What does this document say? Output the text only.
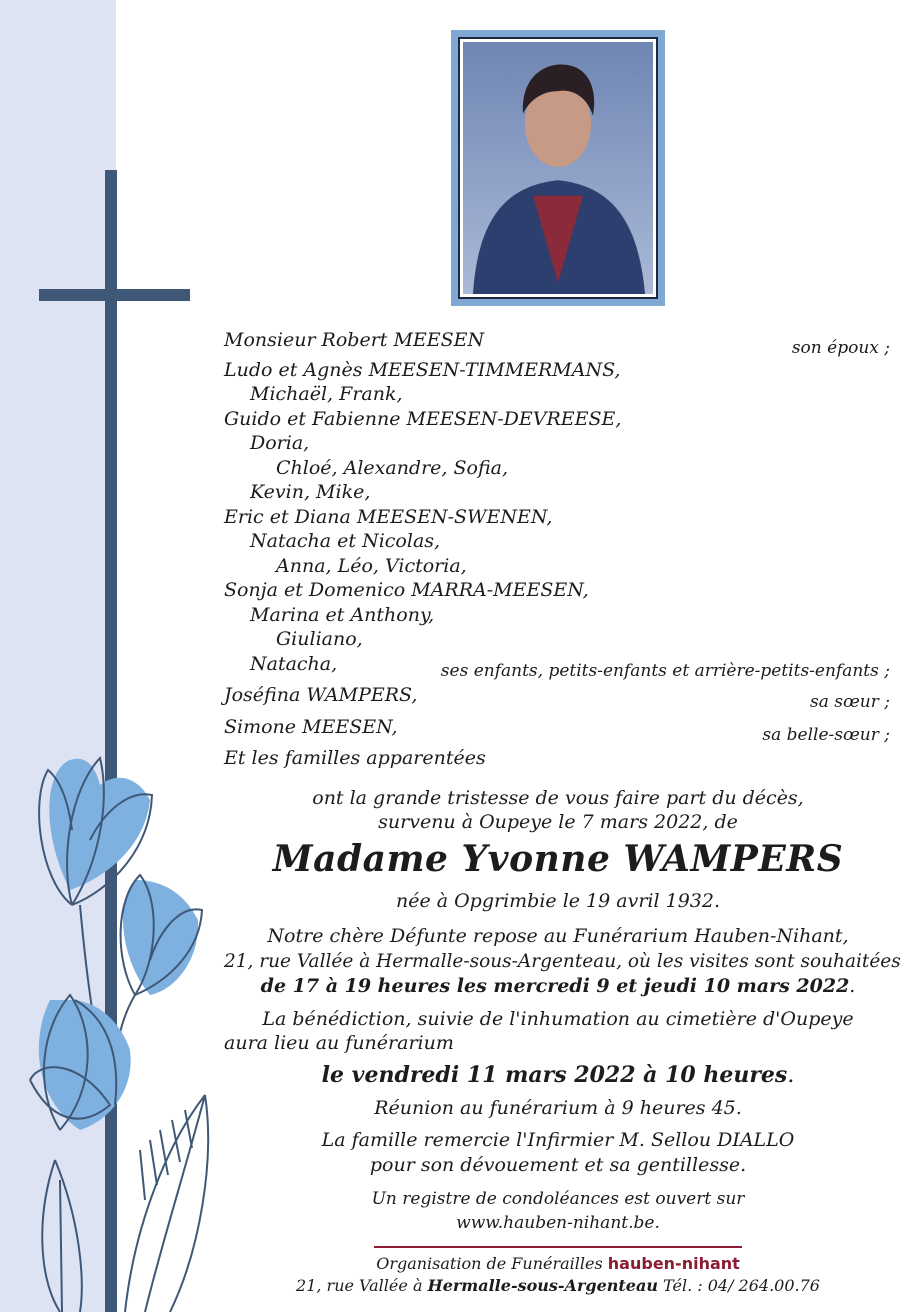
Monsieur Robert MEESEN
Ludo et Agnès MEESEN-TIMMERMANS,
Michaël, Frank,
Guido et Fabienne MEESEN-DEVREESE,
Doria,
Chloé, Alexandre, Sofia,
Kevin, Mike,
Eric et Diana MEESEN-SWENEN,
Natacha et Nicolas,
Anna, Léo, Victoria,
Sonja et Domenico MARRA-MEESEN,
Marina et Anthony,
Giuliano,
Natacha,
Joséfina WAMPERS,
Simone MEESEN,
Et les familles apparentées
son époux ;
ses enfants, petits-enfants et arrière-petits-enfants ;
sa sœur ;
sa belle-sœur ;
ont la grande tristesse de vous faire part du décès,
survenu à Oupeye le 7 mars 2022, de
Madame Yvonne WAMPERS
née à Opgrimbie le 19 avril 1932.
Notre chère Défunte repose au Funérarium Hauben-Nihant,
21, rue Vallée à Hermalle-sous-Argenteau, où les visites sont souhaitées
de 17 à 19 heures les mercredi 9 et jeudi 10 mars 2022.
La bénédiction, suivie de l'inhumation au cimetière d'Oupeye
aura lieu au funérarium
le vendredi 11 mars 2022 à 10 heures.
Réunion au funérarium à 9 heures 45.
La famille remercie l'Infirmier M. Sellou DIALLO
pour son dévouement et sa gentillesse.
Un registre de condoléances est ouvert sur
www.hauben-nihant.be.
Organisation de Funérailles hauben-nihant
21, rue Vallée à Hermalle-sous-Argenteau Tél. : 04/ 264.00.76
